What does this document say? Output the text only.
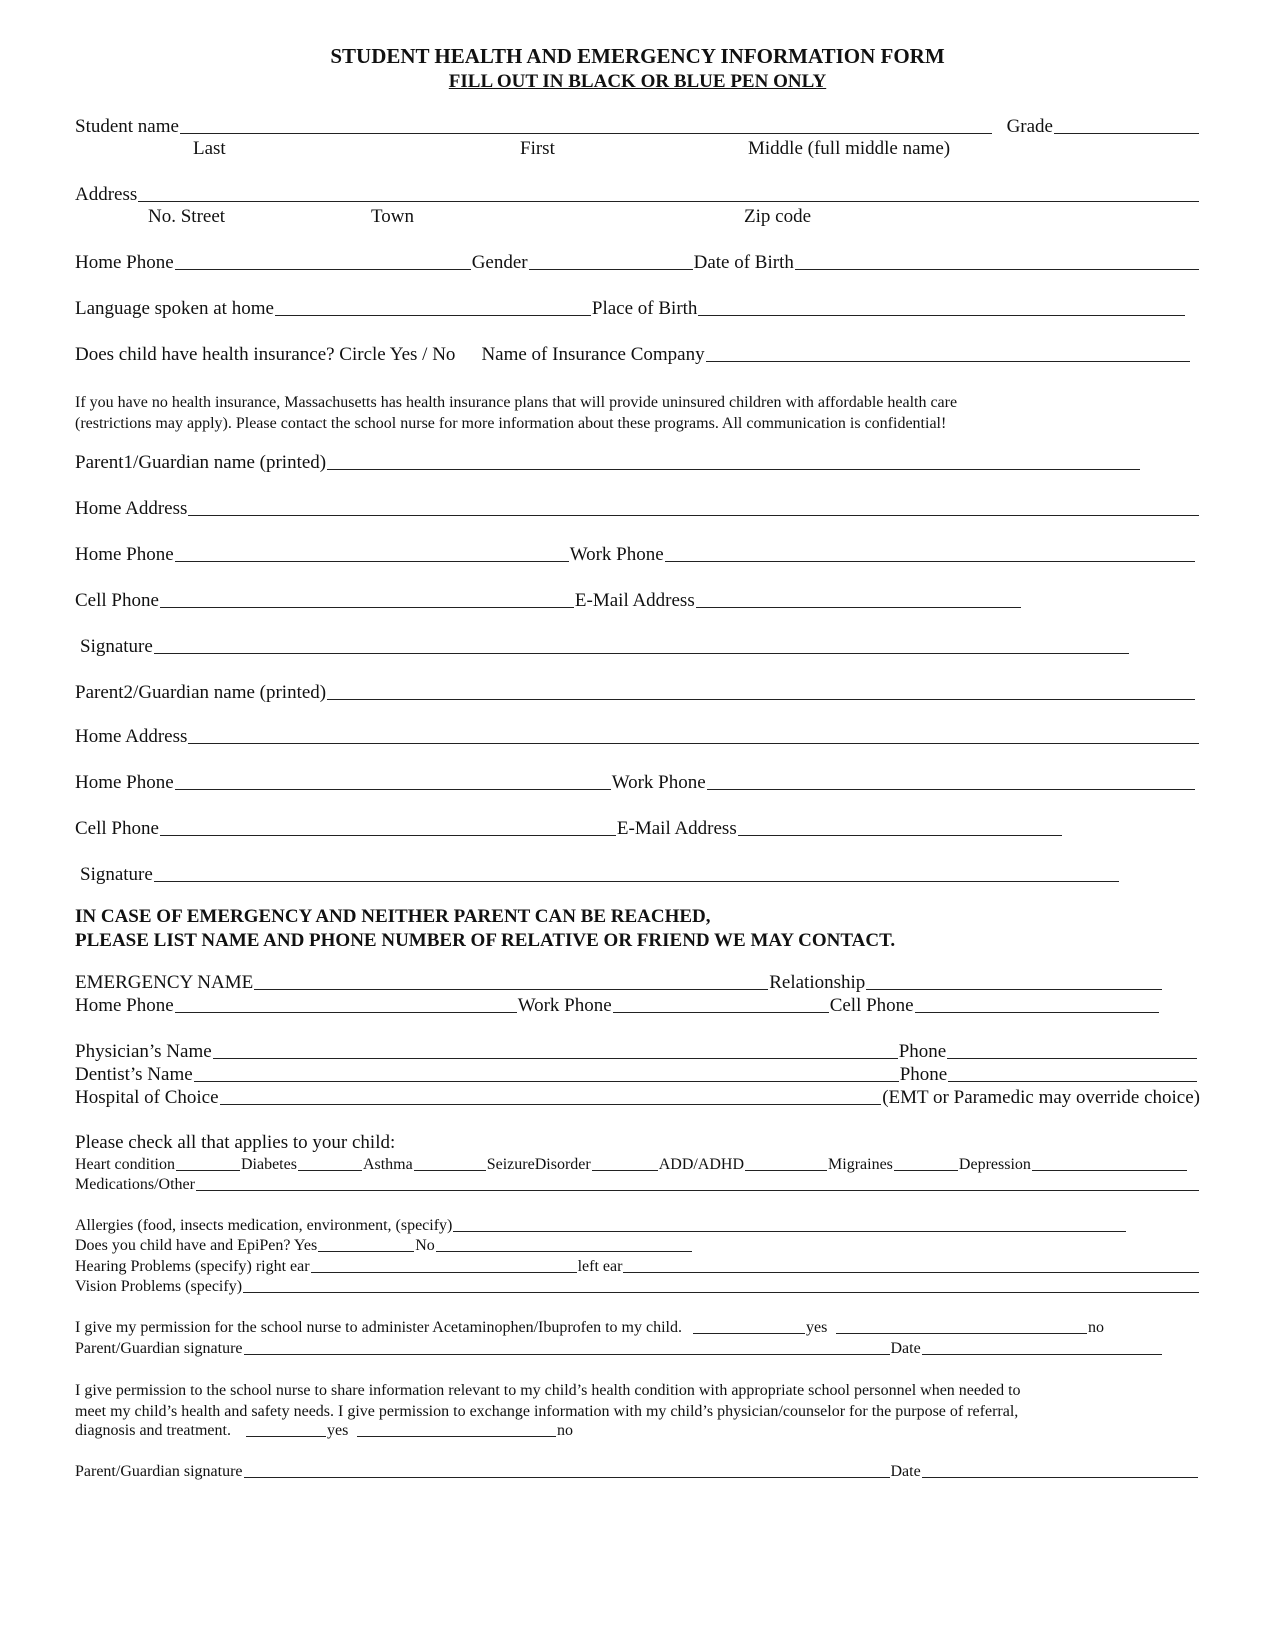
STUDENT HEALTH AND EMERGENCY INFORMATION FORM
FILL OUT IN BLACK OR BLUE PEN ONLY
Student name	Grade
Last	First	Middle (full middle name)
Address
No. Street	Town	Zip code
Home Phone	Gender	Date of Birth
Language spoken at home	Place of Birth
Does child have health insurance? Circle Yes / No Name of Insurance Company
If you have no health insurance, Massachusetts has health insurance plans that will provide uninsured children with affordable health care
(restrictions may apply). Please contact the school nurse for more information about these programs. All communication is confidential!
Parent1/Guardian name (printed)
Home Address
Home Phone	Work Phone
Cell Phone	E-Mail Address
Signature
Parent2/Guardian name (printed)
Home Address
Home Phone	Work Phone
Cell Phone	E-Mail Address
Signature
IN CASE OF EMERGENCY AND NEITHER PARENT CAN BE REACHED,
PLEASE LIST NAME AND PHONE NUMBER OF RELATIVE OR FRIEND WE MAY CONTACT.
EMERGENCY NAME	Relationship
Home Phone	Work Phone	Cell Phone
Physician’s Name	Phone
Dentist’s Name	Phone
Hospital of Choice	(EMT or Paramedic may override choice)
Please check all that applies to your child:
Heart condition	Diabetes	Asthma	SeizureDisorder	ADD/ADHD	Migraines	Depression
Medications/Other
Allergies (food, insects medication, environment, (specify)
Does you child have and EpiPen? Yes	No
Hearing Problems (specify) right ear	left ear
Vision Problems (specify)
I give my permission for the school nurse to administer Acetaminophen/Ibuprofen to my child.	yes	no
Parent/Guardian signature	Date
I give permission to the school nurse to share information relevant to my child’s health condition with appropriate school personnel when needed to
meet my child’s health and safety needs. I give permission to exchange information with my child’s physician/counselor for the purpose of referral,
diagnosis and treatment.	yes	no
Parent/Guardian signature	Date
